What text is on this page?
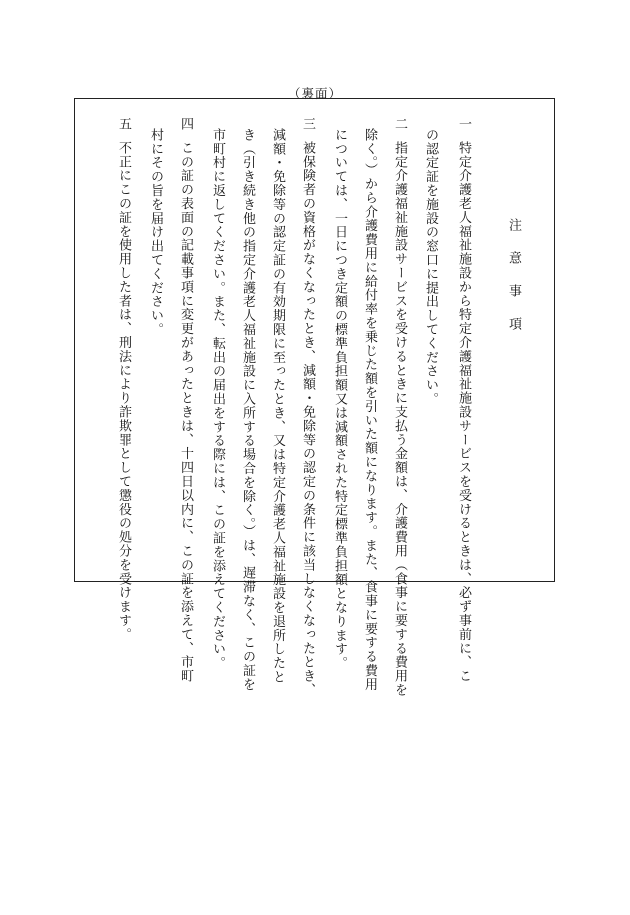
（裏面）
注意事項
一
特定介護老人福祉施設から特定介護福祉施設サービスを受けるときは、必ず事前に、こ
の認定証を施設の窓口に提出してください。
二
指定介護福祉施設サービスを受けるときに支払う金額は、介護費用（食事に要する費用を
除く。）から介護費用に給付率を乗じた額を引いた額になります。また、食事に要する費用
については、一日につき定額の標準負担額又は減額された特定標準負担額となります。
三
被保険者の資格がなくなったとき、減額・免除等の認定の条件に該当しなくなったとき、
減額・免除等の認定証の有効期限に至ったとき、又は特定介護老人福祉施設を退所したと
き（引き続き他の指定介護老人福祉施設に入所する場合を除く。）は、遅滞なく、この証を
市町村に返してください。また、転出の届出をする際には、この証を添えてください。
四
この証の表面の記載事項に変更があったときは、十四日以内に、この証を添えて、市町
村にその旨を届け出てください。
五
不正にこの証を使用した者は、刑法により詐欺罪として懲役の処分を受けます。
